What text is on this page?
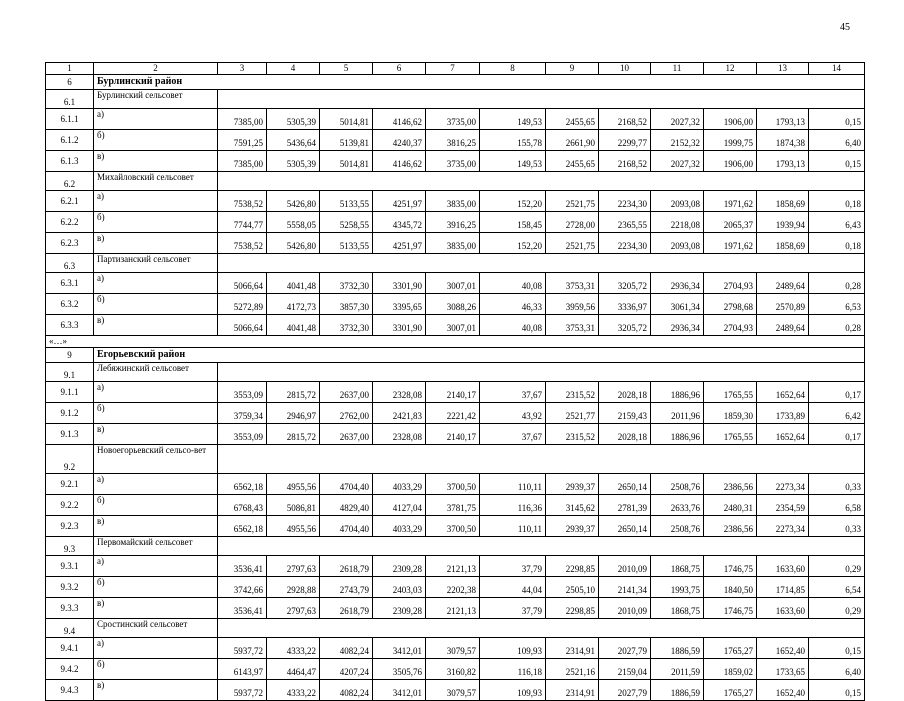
45
1	2	3	4	5	6	7	8	9	10	11	12	13	14
6	Бурлинский район												
6.1	Бурлинский сельсовет												
6.1.1	а)	7385,00	5305,39	5014,81	4146,62	3735,00	149,53	2455,65	2168,52	2027,32	1906,00	1793,13	0,15
6.1.2	б)	7591,25	5436,64	5139,81	4240,37	3816,25	155,78	2661,90	2299,77	2152,32	1999,75	1874,38	6,40
6.1.3	в)	7385,00	5305,39	5014,81	4146,62	3735,00	149,53	2455,65	2168,52	2027,32	1906,00	1793,13	0,15
6.2	Михайловский сельсовет												
6.2.1	а)	7538,52	5426,80	5133,55	4251,97	3835,00	152,20	2521,75	2234,30	2093,08	1971,62	1858,69	0,18
6.2.2	б)	7744,77	5558,05	5258,55	4345,72	3916,25	158,45	2728,00	2365,55	2218,08	2065,37	1939,94	6,43
6.2.3	в)	7538,52	5426,80	5133,55	4251,97	3835,00	152,20	2521,75	2234,30	2093,08	1971,62	1858,69	0,18
6.3	Партизанский сельсовет												
6.3.1	а)	5066,64	4041,48	3732,30	3301,90	3007,01	40,08	3753,31	3205,72	2936,34	2704,93	2489,64	0,28
6.3.2	б)	5272,89	4172,73	3857,30	3395,65	3088,26	46,33	3959,56	3336,97	3061,34	2798,68	2570,89	6,53
6.3.3	в)	5066,64	4041,48	3732,30	3301,90	3007,01	40,08	3753,31	3205,72	2936,34	2704,93	2489,64	0,28
«…»													
9	Егорьевский район												
9.1	Лебяжинский сельсовет												
9.1.1	а)	3553,09	2815,72	2637,00	2328,08	2140,17	37,67	2315,52	2028,18	1886,96	1765,55	1652,64	0,17
9.1.2	б)	3759,34	2946,97	2762,00	2421,83	2221,42	43,92	2521,77	2159,43	2011,96	1859,30	1733,89	6,42
9.1.3	в)	3553,09	2815,72	2637,00	2328,08	2140,17	37,67	2315,52	2028,18	1886,96	1765,55	1652,64	0,17
9.2	Новоегорьевский сельсо-вет												
9.2.1	а)	6562,18	4955,56	4704,40	4033,29	3700,50	110,11	2939,37	2650,14	2508,76	2386,56	2273,34	0,33
9.2.2	б)	6768,43	5086,81	4829,40	4127,04	3781,75	116,36	3145,62	2781,39	2633,76	2480,31	2354,59	6,58
9.2.3	в)	6562,18	4955,56	4704,40	4033,29	3700,50	110,11	2939,37	2650,14	2508,76	2386,56	2273,34	0,33
9.3	Первомайский сельсовет												
9.3.1	а)	3536,41	2797,63	2618,79	2309,28	2121,13	37,79	2298,85	2010,09	1868,75	1746,75	1633,60	0,29
9.3.2	б)	3742,66	2928,88	2743,79	2403,03	2202,38	44,04	2505,10	2141,34	1993,75	1840,50	1714,85	6,54
9.3.3	в)	3536,41	2797,63	2618,79	2309,28	2121,13	37,79	2298,85	2010,09	1868,75	1746,75	1633,60	0,29
9.4	Сростинский сельсовет												
9.4.1	а)	5937,72	4333,22	4082,24	3412,01	3079,57	109,93	2314,91	2027,79	1886,59	1765,27	1652,40	0,15
9.4.2	б)	6143,97	4464,47	4207,24	3505,76	3160,82	116,18	2521,16	2159,04	2011,59	1859,02	1733,65	6,40
9.4.3	в)	5937,72	4333,22	4082,24	3412,01	3079,57	109,93	2314,91	2027,79	1886,59	1765,27	1652,40	0,15
